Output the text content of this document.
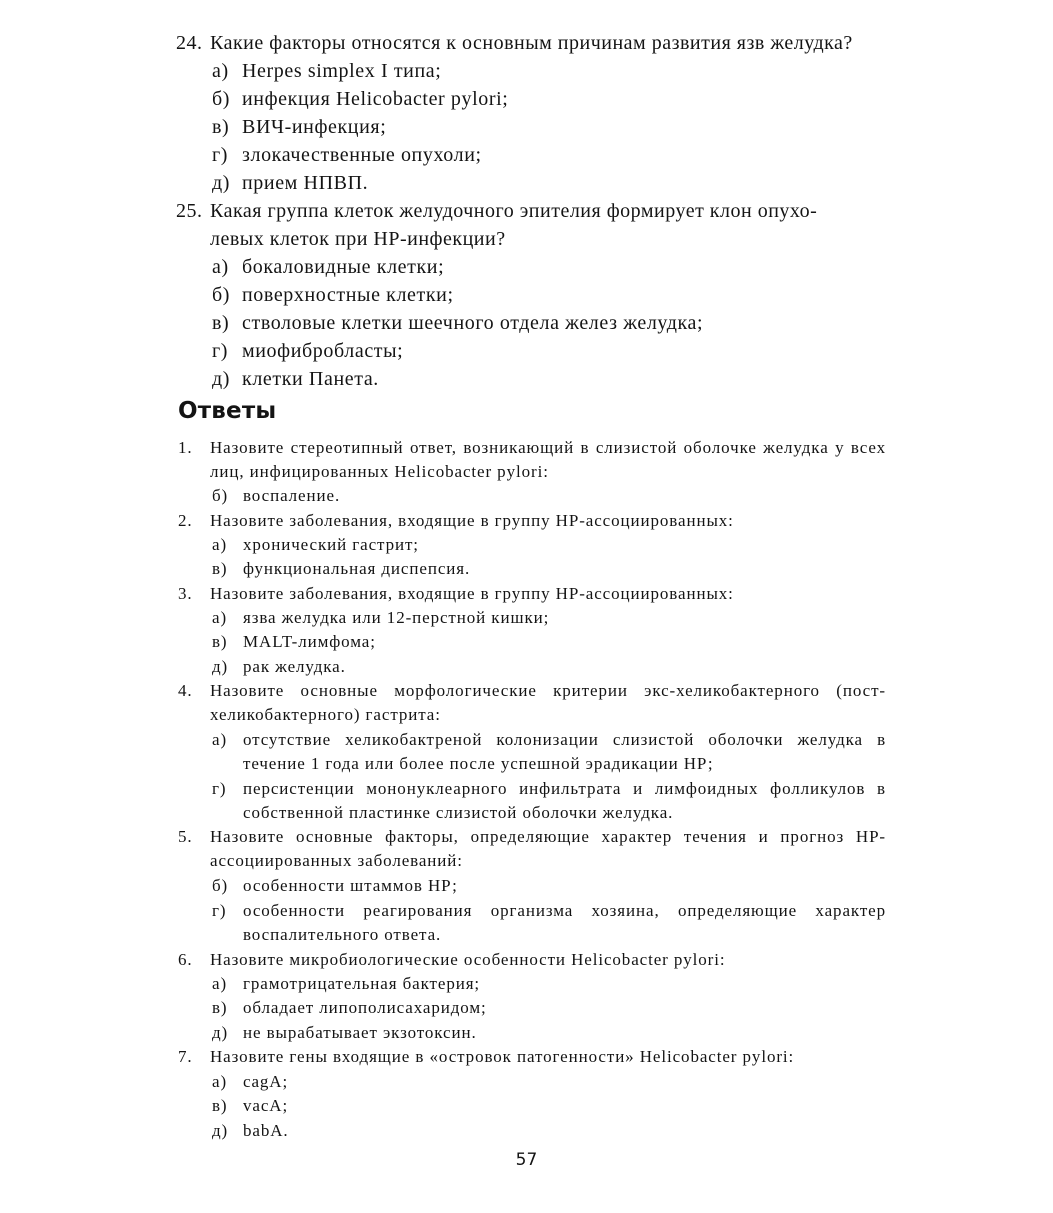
24. Какие факторы относятся к основным причинам развития язв желудка?
а) Herpes simplex I типа;
б) инфекция Helicobacter pylori;
в) ВИЧ-инфекция;
г) злокачественные опухоли;
д) прием НПВП.
25. Какая группа клеток желудочного эпителия формирует клон опухо-
левых клеток при НР-инфекции?
а) бокаловидные клетки;
б) поверхностные клетки;
в) стволовые клетки шеечного отдела желез желудка;
г) миофибробласты;
д) клетки Панета.
Ответы
1.	Назовите стереотипный ответ, возникающий в слизистой оболочке желудка у всех лиц, инфицированных Helicobacter pylori:
б) воспаление.
2.	Назовите заболевания, входящие в группу НР-ассоциированных:
а) хронический гастрит;
в) функциональная диспепсия.
3.	Назовите заболевания, входящие в группу НР-ассоциированных:
а) язва желудка или 12-перстной кишки;
в) MALT-лимфома;
д) рак желудка.
4.	Назовите основные морфологические критерии экс-хеликобактерного (пост-хеликобактерного) гастрита:
а) отсутствие хеликобактреной колонизации слизистой оболочки желудка в течение 1 года или более после успешной эрадикации НР;
г) персистенции мононуклеарного инфильтрата и лимфоидных фолликулов в собственной пластинке слизистой оболочки желудка.
5.	Назовите основные факторы, определяющие характер течения и прогноз НР-ассоциированных заболеваний:
б) особенности штаммов НР;
г) особенности реагирования организма хозяина, определяющие характер воспалительного ответа.
6.	Назовите микробиологические особенности Helicobacter pylori:
а) грамотрицательная бактерия;
в) обладает липополисахаридом;
д) не вырабатывает экзотоксин.
7.	Назовите гены входящие в «островок патогенности» Helicobacter pylori:
а) cagA;
в) vacA;
д) babA.
57
